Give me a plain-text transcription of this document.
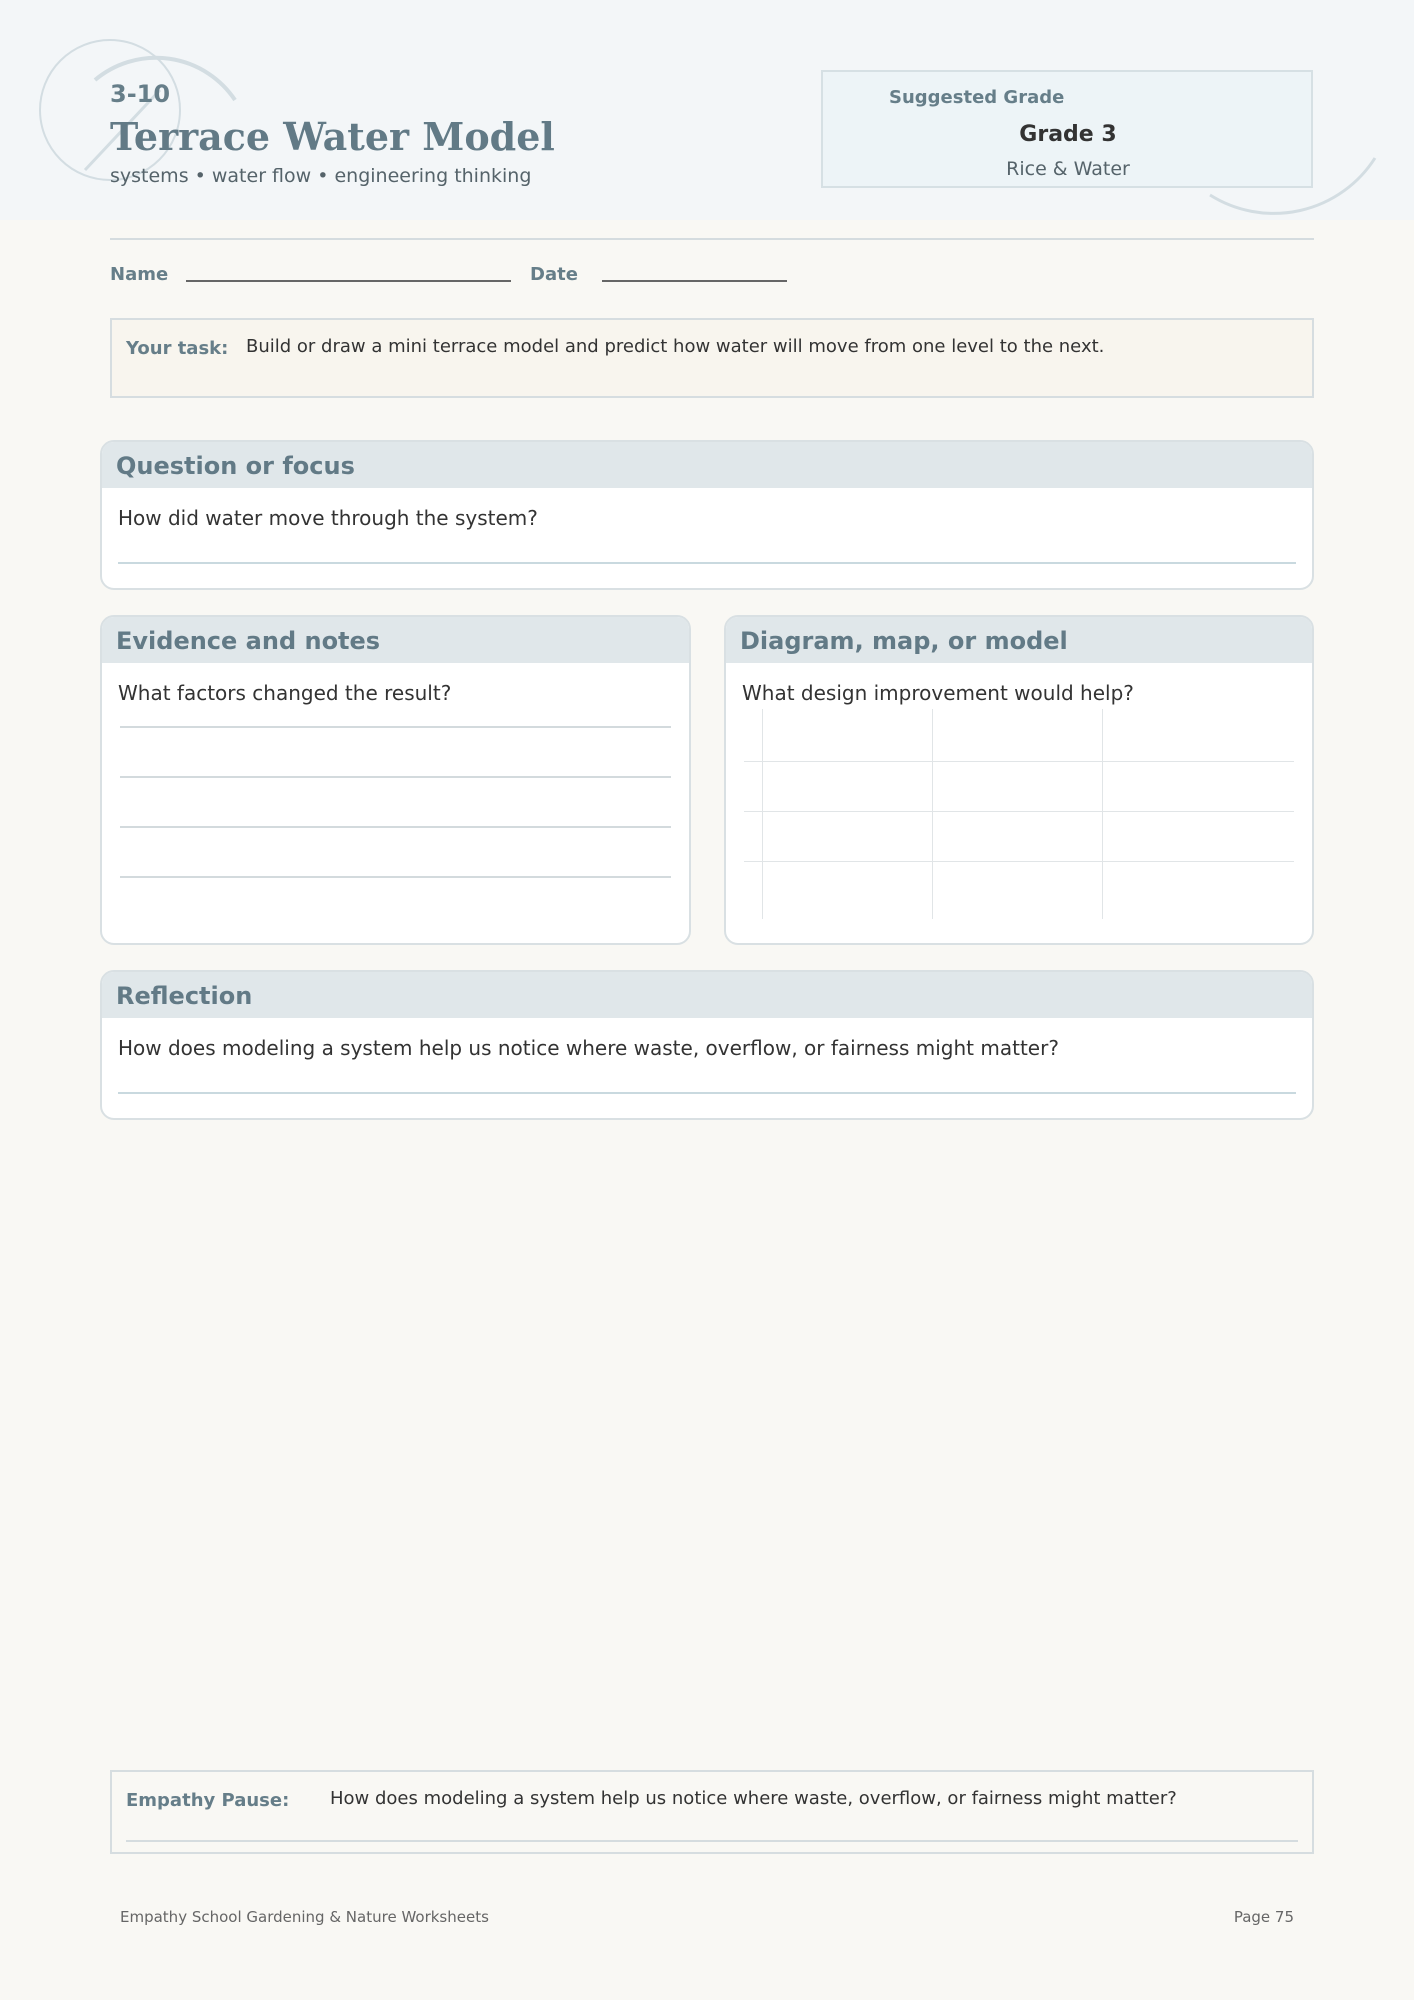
3-10
Terrace Water Model
systems • water flow • engineering thinking
Suggested Grade
Grade 3
Rice & Water
Name	Date
Your task: Build or draw a mini terrace model and predict how water will move from one level to the next.
Question or focus
How did water move through the system?
Evidence and notes
What factors changed the result?
Diagram, map, or model
What design improvement would help?
Reflection
How does modeling a system help us notice where waste, overflow, or fairness might matter?
Empathy Pause: How does modeling a system help us notice where waste, overflow, or fairness might matter?
Empathy School Gardening & Nature Worksheets	Page 75
